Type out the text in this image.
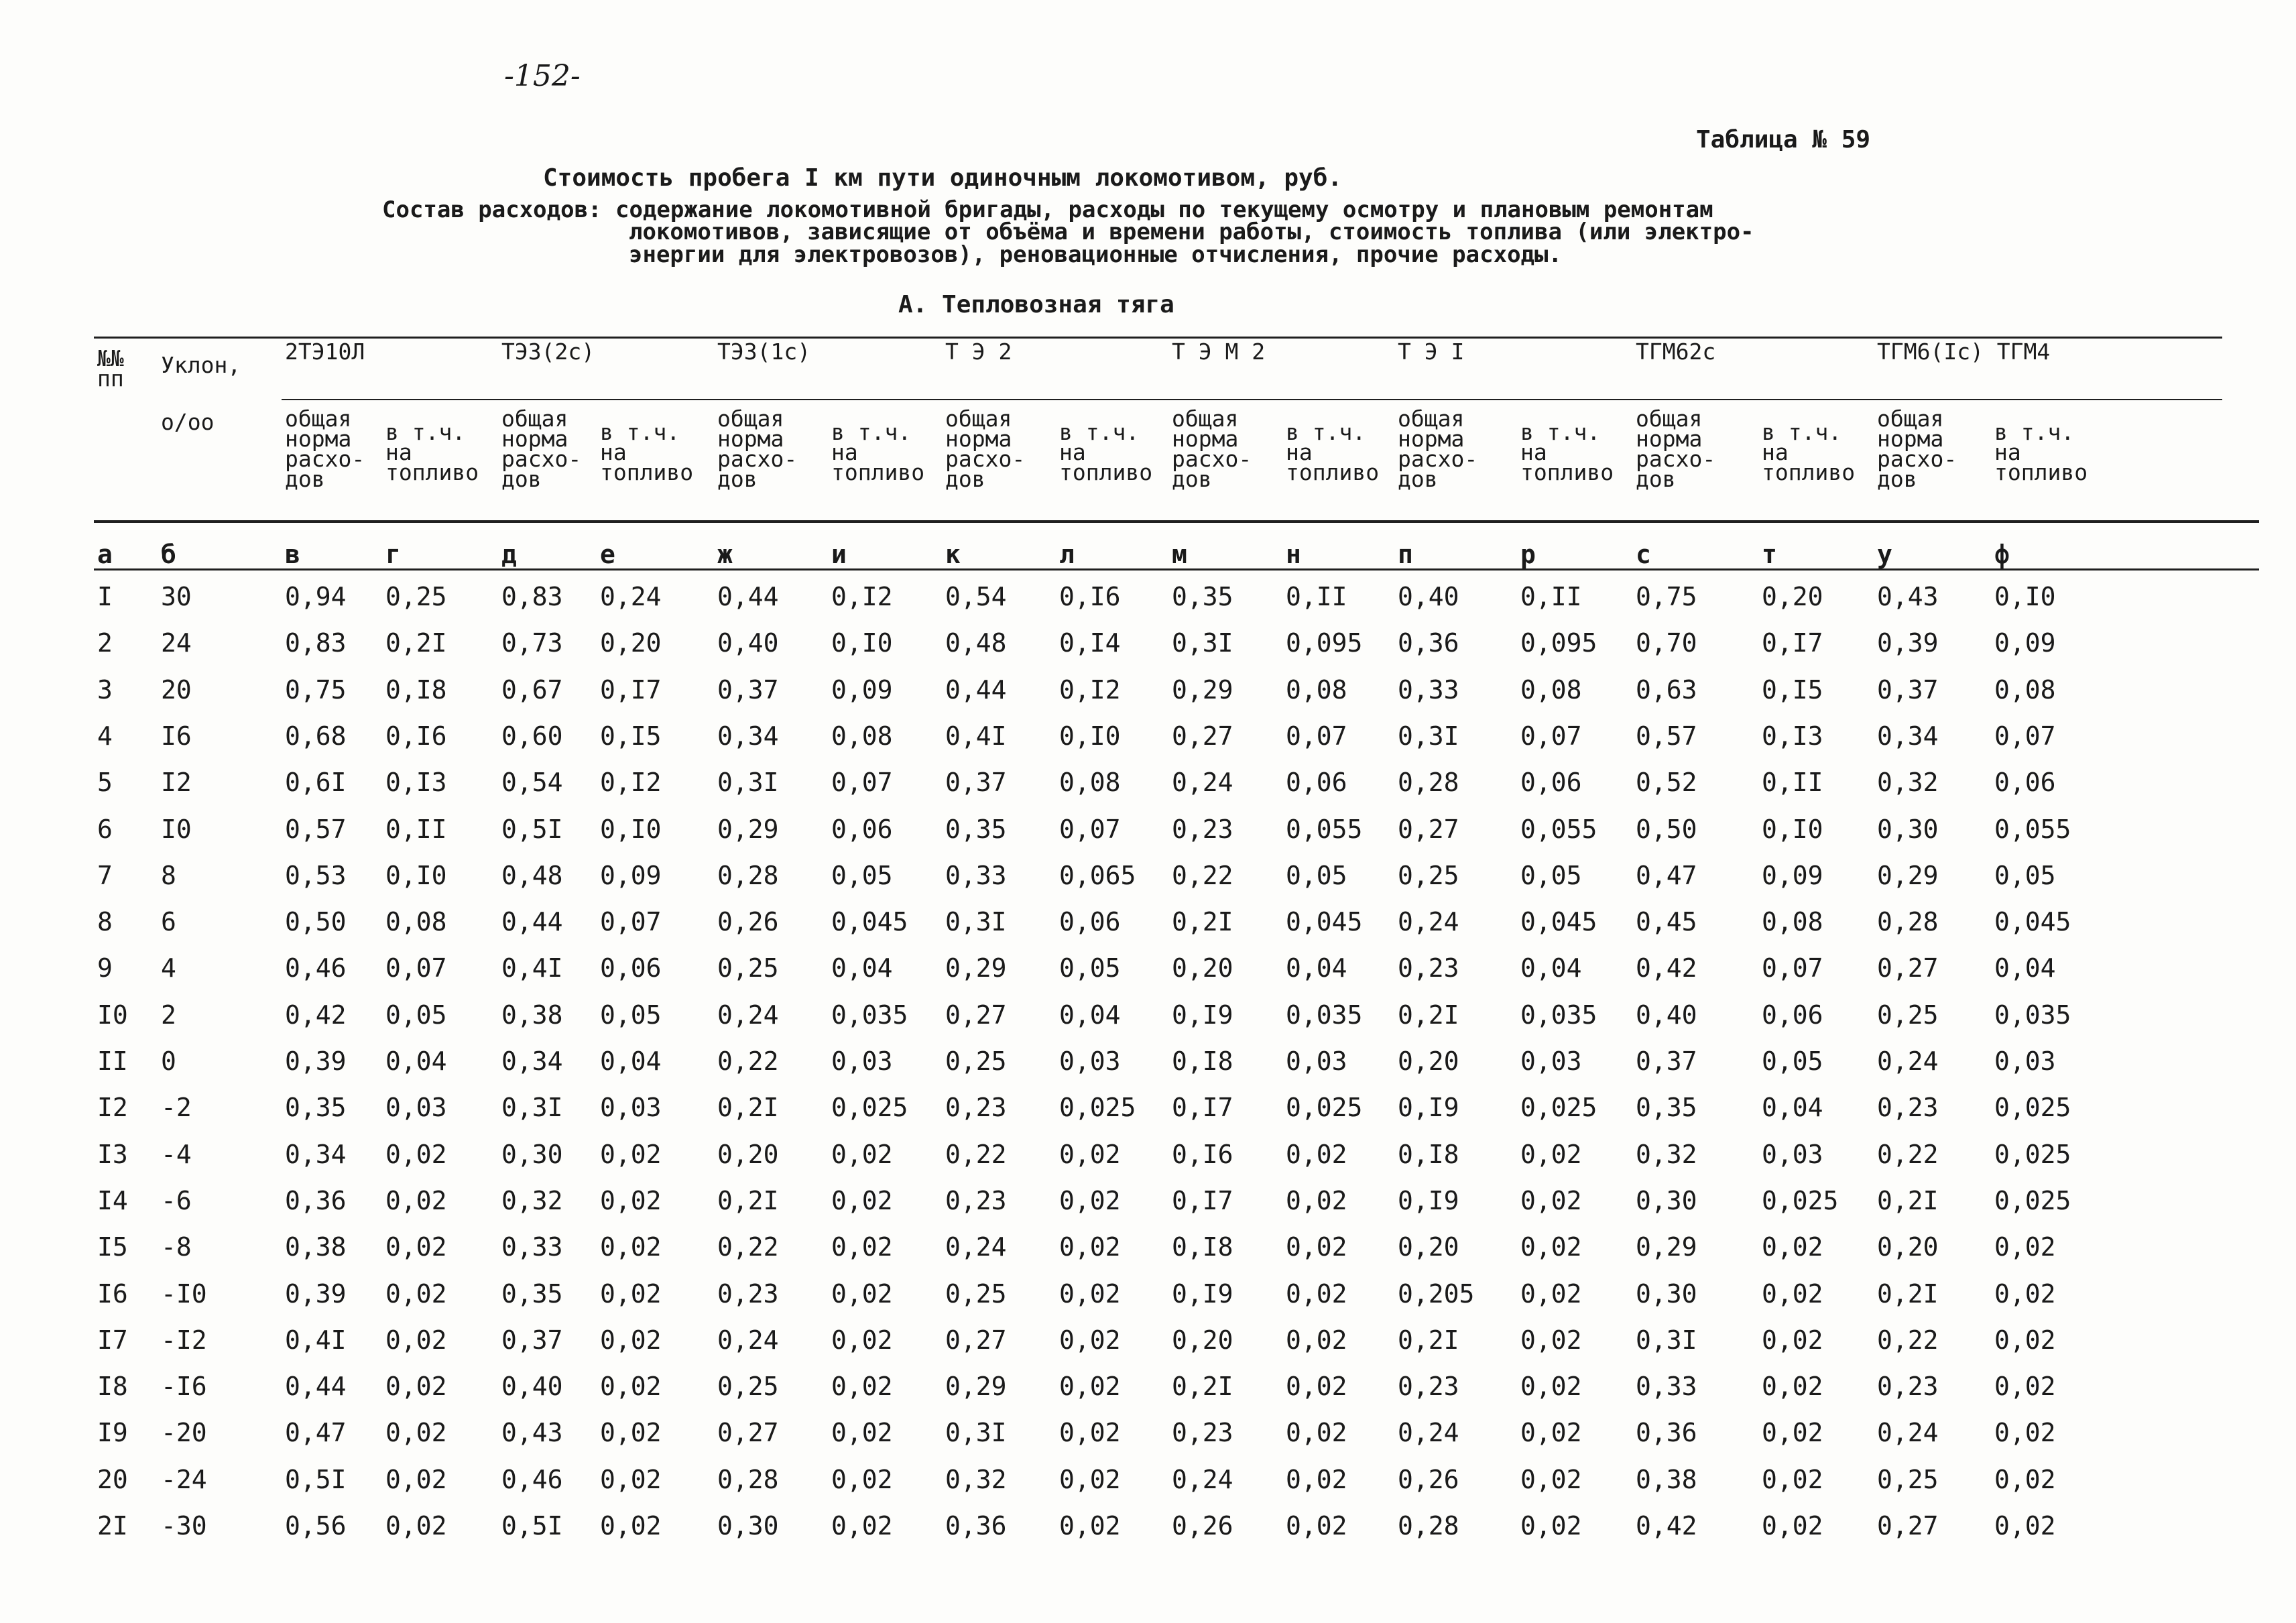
-152-
Таблица № 59
Стоимость пробега I км пути одиночным локомотивом, руб.
Состав расходов: содержание локомотивной бригады, расходы по текущему осмотру и плановым ремонтам
локомотивов, зависящие от объёма и времени работы, стоимость топлива (или электро-
энергии для электровозов), реновационные отчисления, прочие расходы.
А. Тепловозная тяга
№№ пп
Уклон,
o/oo
2ТЭ10Л
общая норма расхо- дов
в т.ч. на топливо
ТЭ3(2с)
общая норма расхо- дов
в т.ч. на топливо
ТЭ3(1с)
общая норма расхо- дов
в т.ч. на топливо
Т Э 2
общая норма расхо- дов
в т.ч. на топливо
Т Э М 2
общая норма расхо- дов
в т.ч. на топливо
Т Э I
общая норма расхо- дов
в т.ч. на топливо
ТГМ62с
общая норма расхо- дов
в т.ч. на топливо
ТГМ6(Iс) ТГМ4
общая норма расхо- дов
в т.ч. на топливо
а б	в	г	д	е	ж	и	к	л	м	н	п	р	с	т	у	ф
I 30	0,94 0,25 0,83 0,24 0,44 0,I2 0,54 0,I6 0,35 0,II 0,40 0,II 0,75	0,20 0,43 0,I0
2 24	0,83 0,2I 0,73 0,20 0,40 0,I0 0,48 0,I4 0,3I 0,095 0,36 0,095 0,70	0,I7 0,39 0,09
3 20	0,75 0,I8 0,67 0,I7 0,37 0,09 0,44 0,I2 0,29 0,08 0,33 0,08 0,63	0,I5 0,37 0,08
4 I6	0,68 0,I6 0,60 0,I5 0,34 0,08 0,4I 0,I0 0,27 0,07 0,3I 0,07 0,57	0,I3 0,34 0,07
5 I2	0,6I 0,I3 0,54 0,I2 0,3I 0,07 0,37 0,08 0,24 0,06 0,28 0,06 0,52	0,II 0,32 0,06
6 I0	0,57 0,II 0,5I 0,I0 0,29 0,06 0,35 0,07 0,23 0,055 0,27 0,055 0,50	0,I0 0,30 0,055
7 8	0,53 0,I0 0,48 0,09 0,28 0,05 0,33 0,065 0,22 0,05 0,25 0,05 0,47	0,09 0,29 0,05
8 6	0,50 0,08 0,44 0,07 0,26 0,045 0,3I 0,06 0,2I 0,045 0,24 0,045 0,45	0,08 0,28 0,045
9 4	0,46 0,07 0,4I 0,06 0,25 0,04 0,29 0,05 0,20 0,04 0,23 0,04 0,42	0,07 0,27 0,04
I0 2	0,42 0,05 0,38 0,05 0,24 0,035 0,27 0,04 0,I9 0,035 0,2I 0,035 0,40	0,06 0,25 0,035
II 0	0,39 0,04 0,34 0,04 0,22 0,03 0,25 0,03 0,I8 0,03 0,20 0,03 0,37	0,05 0,24 0,03
I2 -2	0,35 0,03 0,3I 0,03 0,2I 0,025 0,23 0,025 0,I7 0,025 0,I9 0,025 0,35	0,04 0,23 0,025
I3 -4	0,34 0,02 0,30 0,02 0,20 0,02 0,22 0,02 0,I6 0,02 0,I8 0,02 0,32	0,03 0,22 0,025
I4 -6	0,36 0,02 0,32 0,02 0,2I 0,02 0,23 0,02 0,I7 0,02 0,I9 0,02 0,30	0,025 0,2I 0,025
I5 -8	0,38 0,02 0,33 0,02 0,22 0,02 0,24 0,02 0,I8 0,02 0,20 0,02 0,29	0,02 0,20 0,02
I6 -I0	0,39 0,02 0,35 0,02 0,23 0,02 0,25 0,02 0,I9 0,02 0,205 0,02 0,30	0,02 0,2I 0,02
I7 -I2	0,4I 0,02 0,37 0,02 0,24 0,02 0,27 0,02 0,20 0,02 0,2I 0,02 0,3I	0,02 0,22 0,02
I8 -I6	0,44 0,02 0,40 0,02 0,25 0,02 0,29 0,02 0,2I 0,02 0,23 0,02 0,33	0,02 0,23 0,02
I9 -20	0,47 0,02 0,43 0,02 0,27 0,02 0,3I 0,02 0,23 0,02 0,24 0,02 0,36	0,02 0,24 0,02
20 -24	0,5I 0,02 0,46 0,02 0,28 0,02 0,32 0,02 0,24 0,02 0,26 0,02 0,38	0,02 0,25 0,02
2I -30	0,56 0,02 0,5I 0,02 0,30 0,02 0,36 0,02 0,26 0,02 0,28 0,02 0,42	0,02 0,27 0,02
